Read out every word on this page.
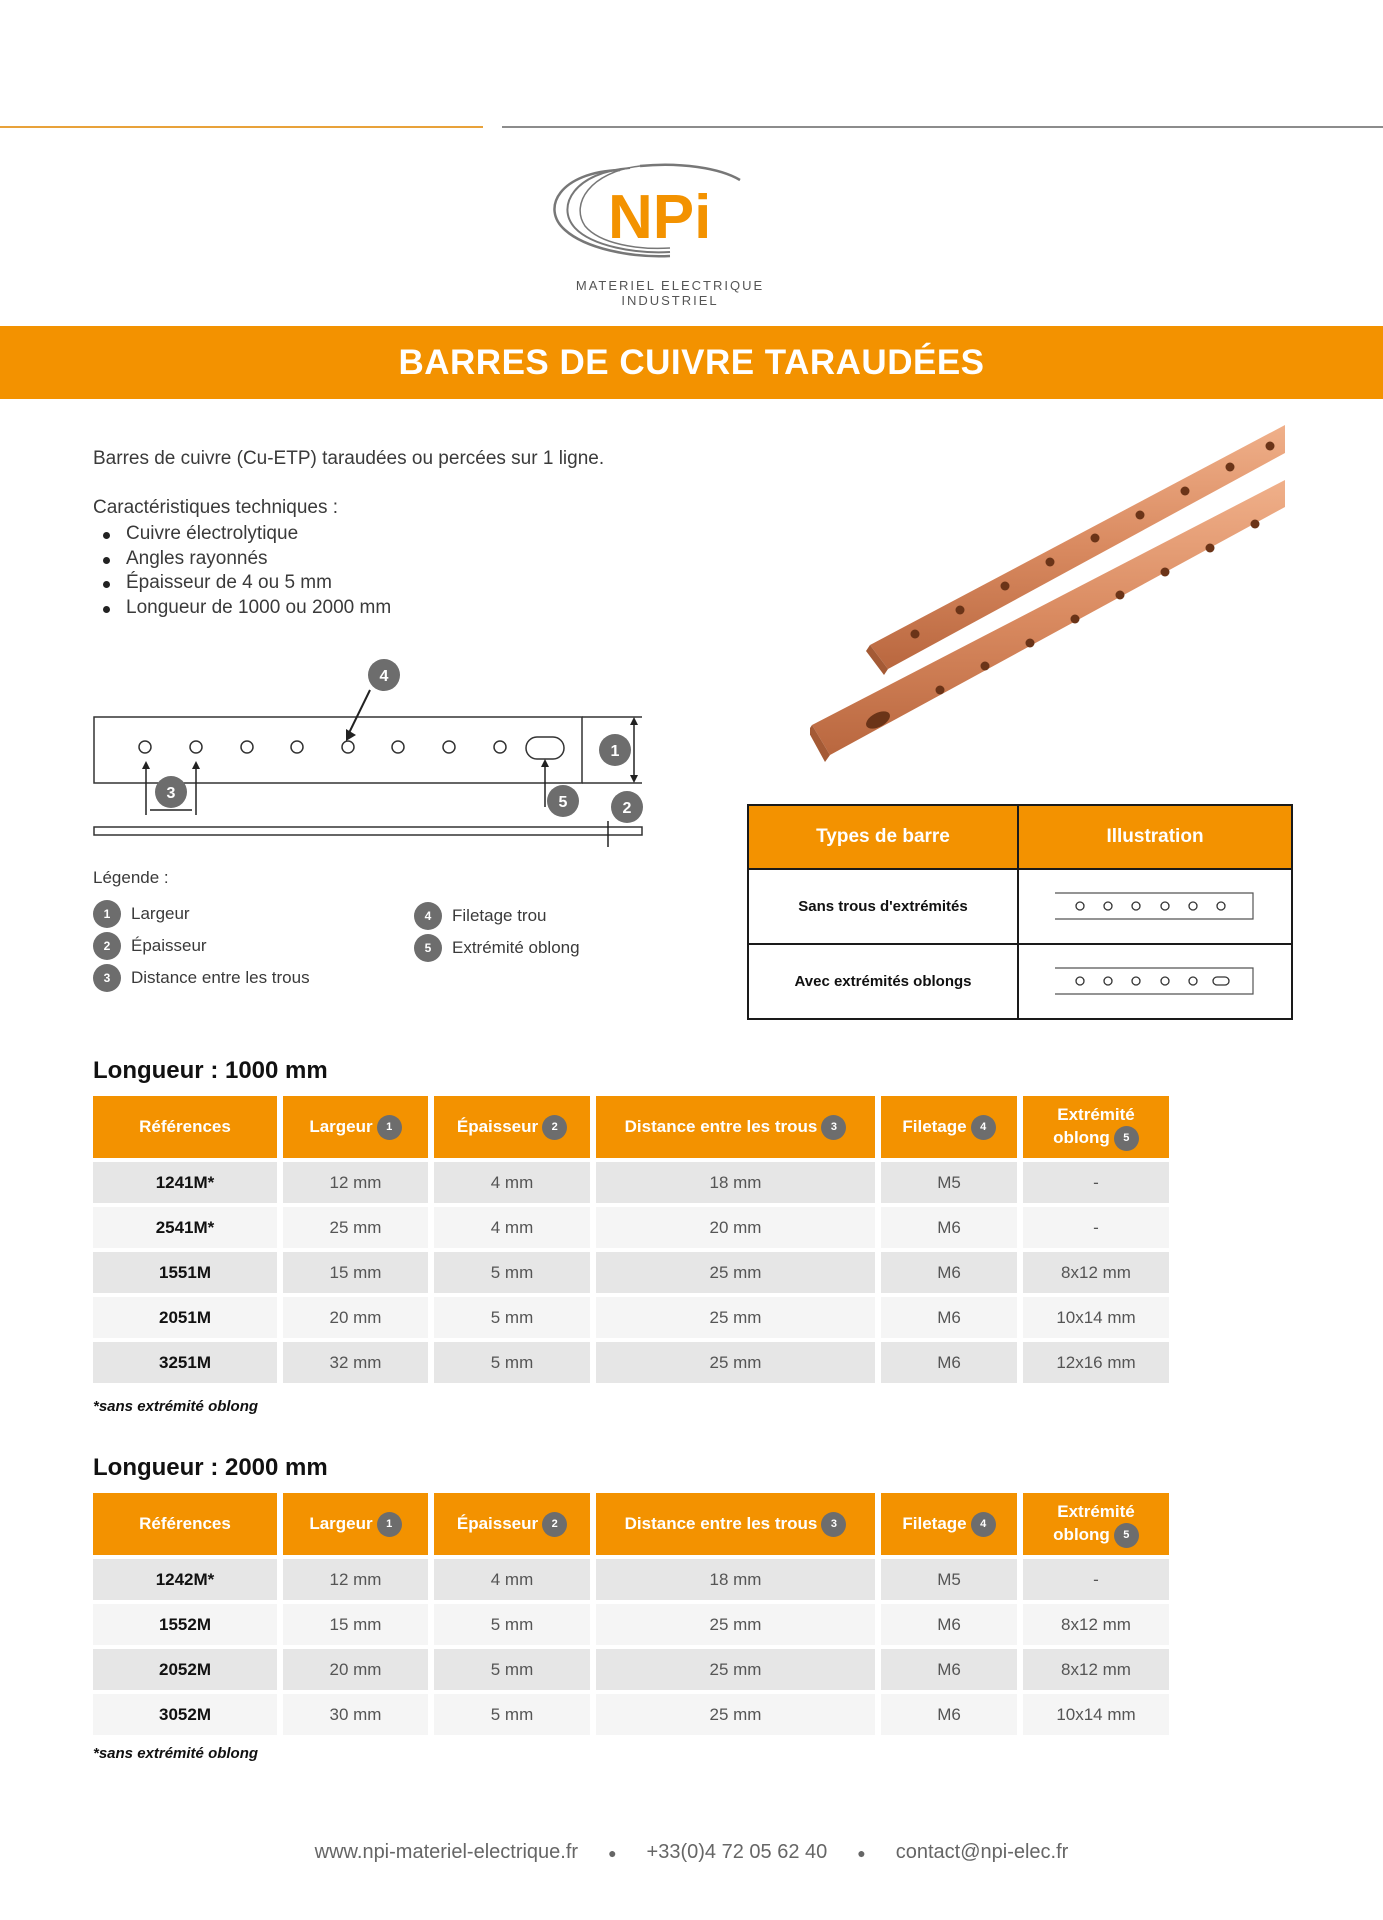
NPi
MATERIEL ELECTRIQUE INDUSTRIEL
BARRES DE CUIVRE TARAUDÉES
Barres de cuivre (Cu-ETP) taraudées ou percées sur 1 ligne.
Caractéristiques techniques :
Cuivre électrolytique
Angles rayonnés
Épaisseur de 4 ou 5 mm
Longueur de 1000 ou 2000 mm
4
1
3
5	2
Légende :
1	Largeur
2	Épaisseur
3	Distance entre les trous
4	Filetage trou
5	Extrémité oblong
Types de barre	Illustration
Sans trous d'extrémités	
Avec extrémités oblongs	
Longueur : 1000 mm
Références	Largeur 1	Épaisseur 2	Distance entre les trous 3	Filetage 4	Extrémité
oblong 5
1241M*	12 mm	4 mm	18 mm	M5	-
2541M*	25 mm	4 mm	20 mm	M6	-
1551M	15 mm	5 mm	25 mm	M6	8x12 mm
2051M	20 mm	5 mm	25 mm	M6	10x14 mm
3251M	32 mm	5 mm	25 mm	M6	12x16 mm
*sans extrémité oblong
Longueur : 2000 mm
Références	Largeur 1	Épaisseur 2	Distance entre les trous 3	Filetage 4	Extrémité
oblong 5
1242M*	12 mm	4 mm	18 mm	M5	-
1552M	15 mm	5 mm	25 mm	M6	8x12 mm
2052M	20 mm	5 mm	25 mm	M6	8x12 mm
3052M	30 mm	5 mm	25 mm	M6	10x14 mm
*sans extrémité oblong
www.npi-materiel-electrique.fr ● +33(0)4 72 05 62 40 ● contact@npi-elec.fr
